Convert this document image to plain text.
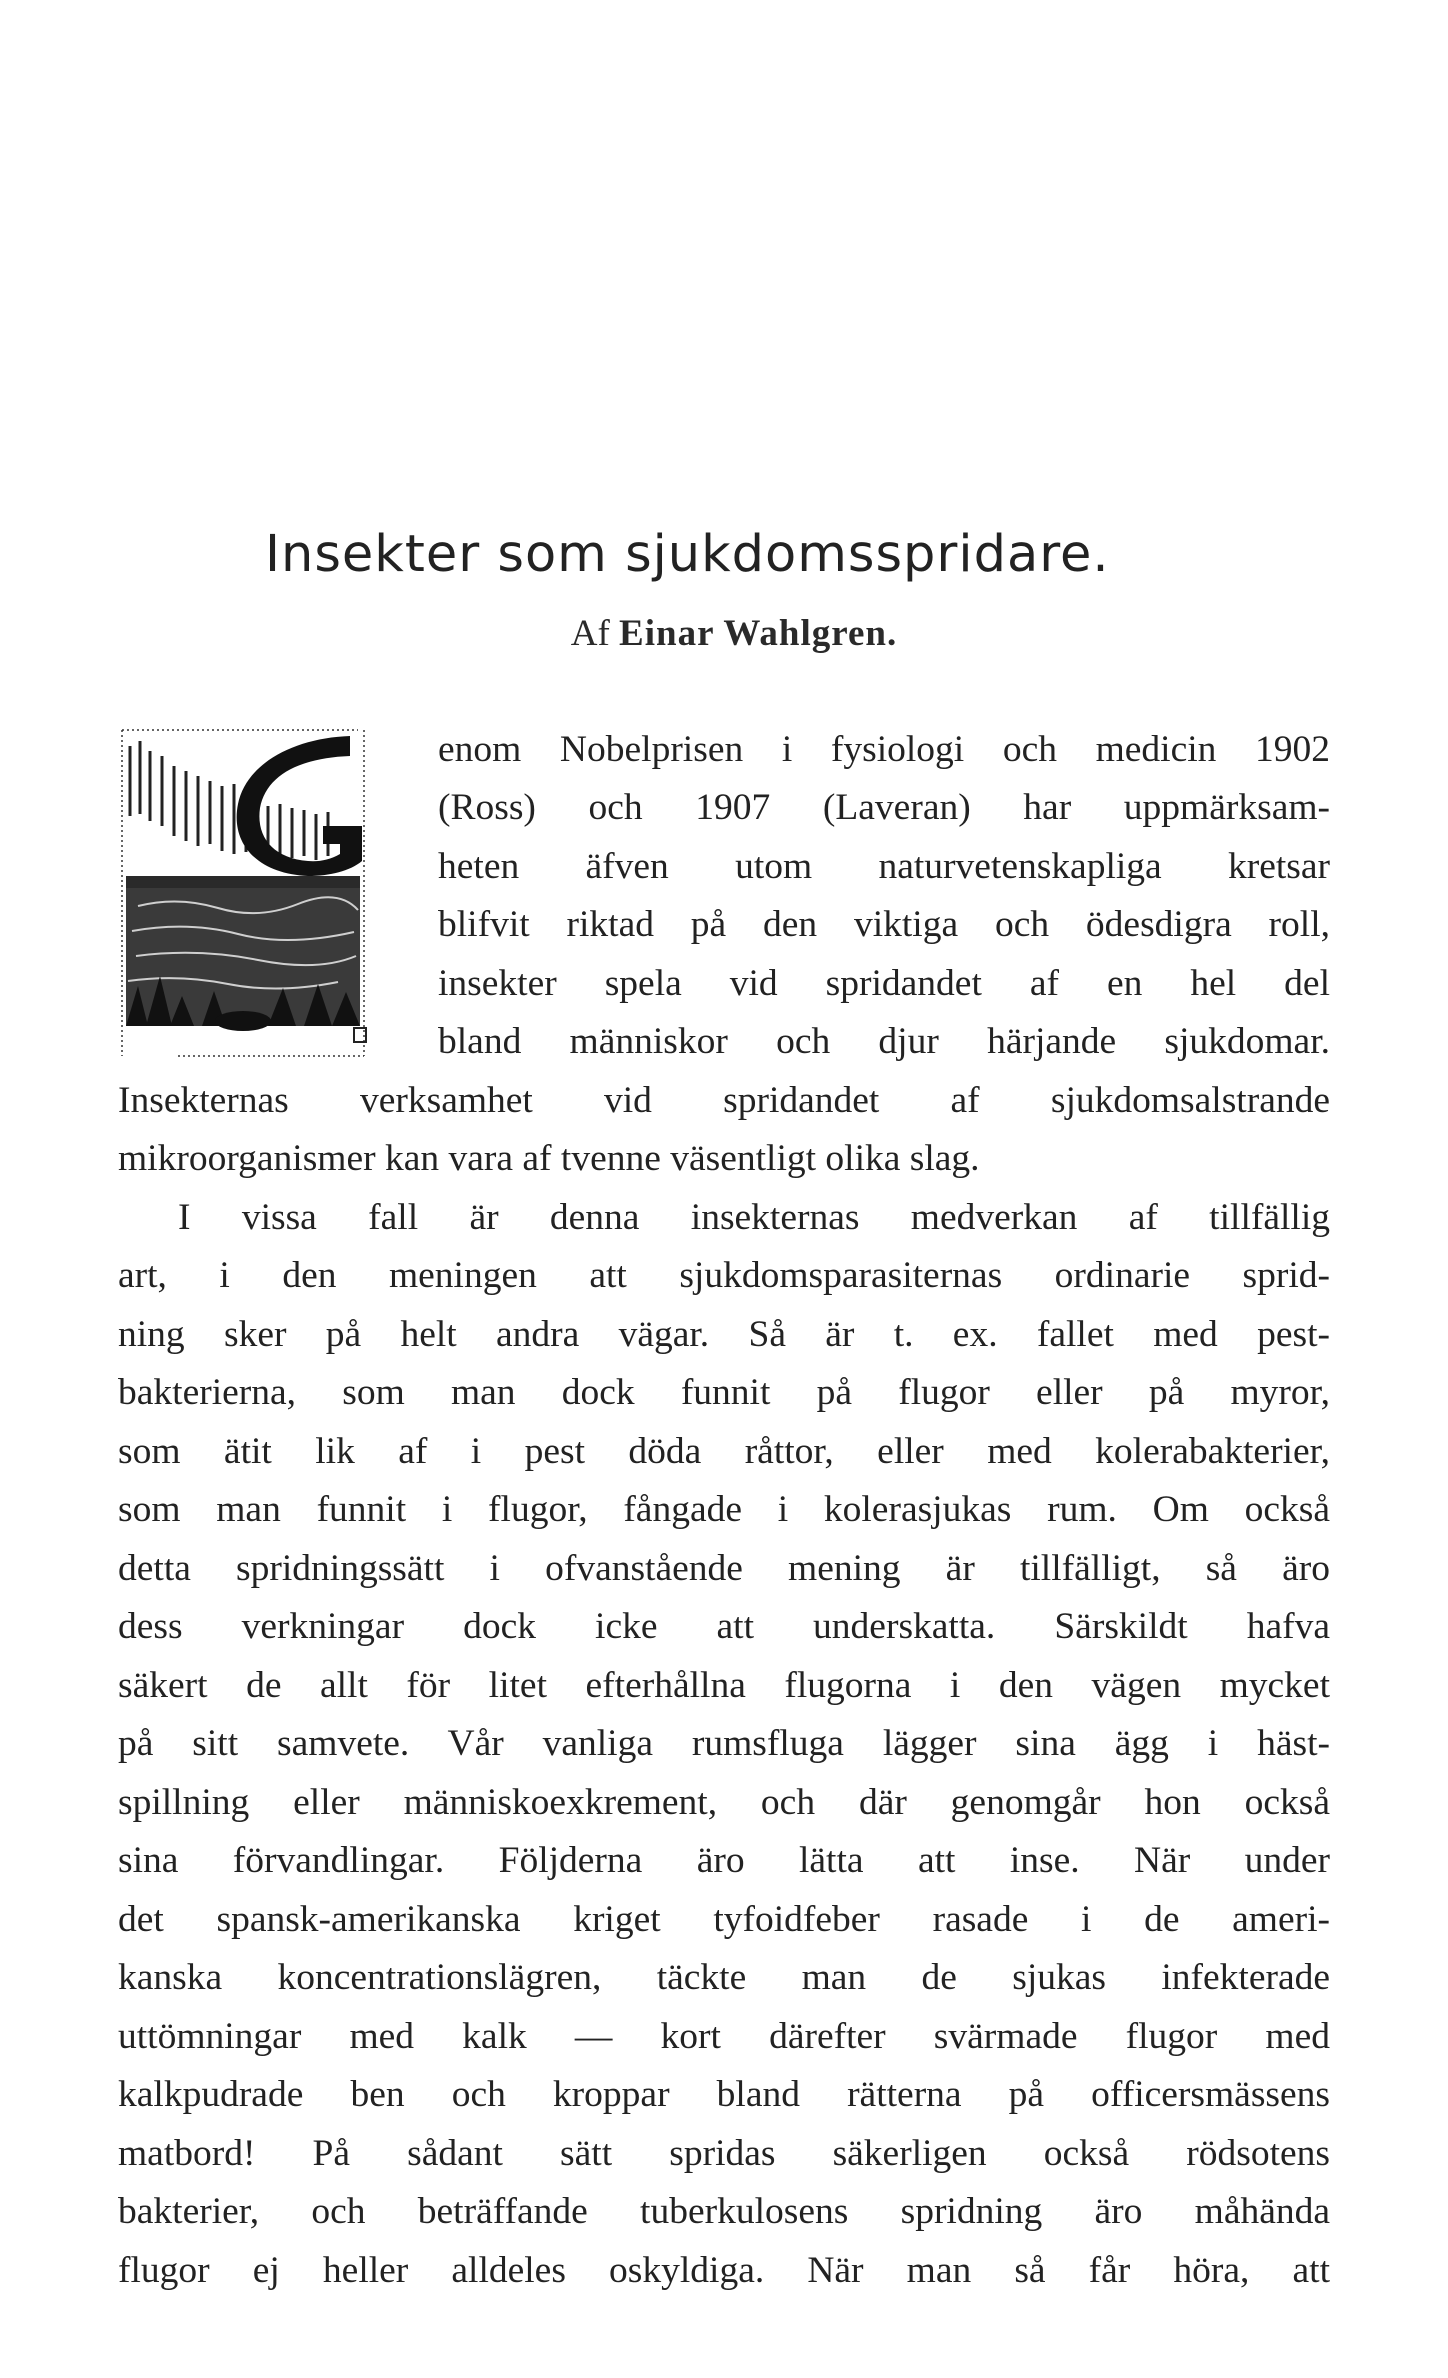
Insekter som sjukdomsspridare.
Af Einar Wahlgren.
enom Nobelprisen i fysiologi och medicin 1902
(Ross) och 1907 (Laveran) har uppmärksam-
heten äfven utom naturvetenskapliga kretsar
blifvit riktad på den viktiga och ödesdigra roll,
insekter spela vid spridandet af en hel del
bland människor och djur härjande sjukdomar.
Insekternas verksamhet vid spridandet af sjukdomsalstrande
mikroorganismer kan vara af tvenne väsentligt olika slag.
I vissa fall är denna insekternas medverkan af tillfällig
art, i den meningen att sjukdomsparasiternas ordinarie sprid-
ning sker på helt andra vägar. Så är t. ex. fallet med pest-
bakterierna, som man dock funnit på flugor eller på myror,
som ätit lik af i pest döda råttor, eller med kolerabakterier,
som man funnit i flugor, fångade i kolerasjukas rum. Om också
detta spridningssätt i ofvanstående mening är tillfälligt, så äro
dess verkningar dock icke att underskatta. Särskildt hafva
säkert de allt för litet efterhållna flugorna i den vägen mycket
på sitt samvete. Vår vanliga rumsfluga lägger sina ägg i häst-
spillning eller människoexkrement, och där genomgår hon också
sina förvandlingar. Följderna äro lätta att inse. När under
det spansk-amerikanska kriget tyfoidfeber rasade i de ameri-
kanska koncentrationslägren, täckte man de sjukas infekterade
uttömningar med kalk — kort därefter svärmade flugor med
kalkpudrade ben och kroppar bland rätterna på officersmässens
matbord! På sådant sätt spridas säkerligen också rödsotens
bakterier, och beträffande tuberkulosens spridning äro måhända
flugor ej heller alldeles oskyldiga. När man så får höra, att
